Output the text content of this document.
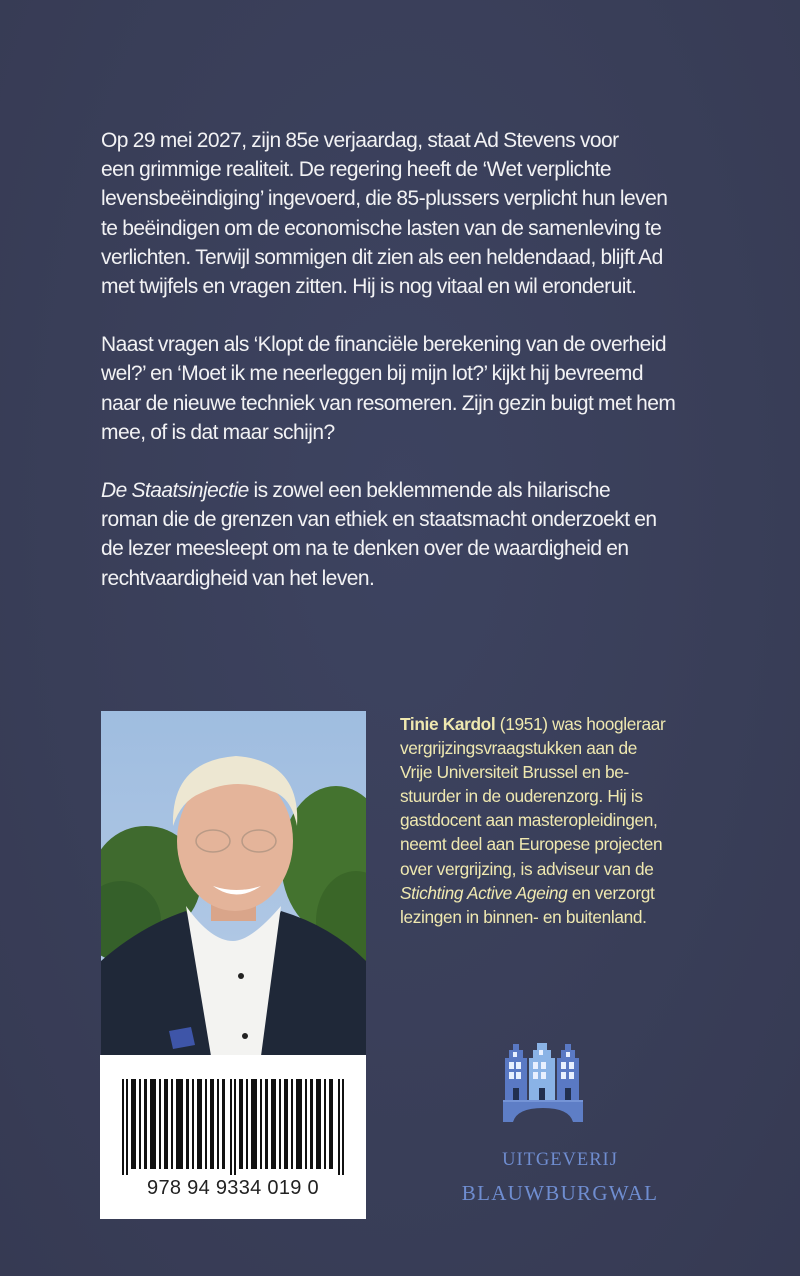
Op 29 mei 2027, zijn 85e verjaardag, staat Ad Stevens voor
een grimmige realiteit. De regering heeft de ‘Wet verplichte
levensbeëindiging’ ingevoerd, die 85-plussers verplicht hun leven
te beëindigen om de economische lasten van de samenleving te
verlichten. Terwijl sommigen dit zien als een heldendaad, blijft Ad
met twijfels en vragen zitten. Hij is nog vitaal en wil eronderuit.

Naast vragen als ‘Klopt de financiële berekening van de overheid
wel?’ en ‘Moet ik me neerleggen bij mijn lot?’ kijkt hij bevreemd
naar de nieuwe techniek van resomeren. Zijn gezin buigt met hem
mee, of is dat maar schijn?

De Staatsinjectie is zowel een beklemmende als hilarische
roman die de grenzen van ethiek en staatsmacht onderzoekt en
de lezer meesleept om na te denken over de waardigheid en
rechtvaardigheid van het leven.

978 94 9334 019 0
Tinie Kardol (1951) was hoogleraar
vergrijzingsvraagstukken aan de
Vrije Universiteit Brussel en be-
stuurder in de ouderenzorg. Hij is
gastdocent aan masteropleidingen,
neemt deel aan Europese projecten
over vergrijzing, is adviseur van de
Stichting Active Ageing en verzorgt
lezingen in binnen- en buitenland.
UITGEVERIJ
BLAUWBURGWAL
